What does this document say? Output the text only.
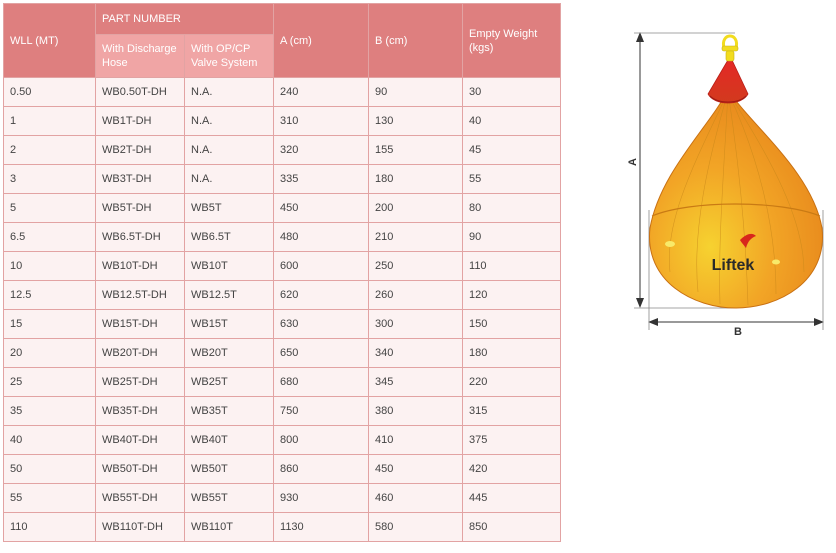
WLL (MT)	PART NUMBER		A (cm)	B (cm)	Empty Weight (kgs)
	With Discharge Hose	With OP/CP Valve System			
0.50	WB0.50T-DH	N.A.	240	90	30
1	WB1T-DH	N.A.	310	130	40
2	WB2T-DH	N.A.	320	155	45
3	WB3T-DH	N.A.	335	180	55
5	WB5T-DH	WB5T	450	200	80
6.5	WB6.5T-DH	WB6.5T	480	210	90
10	WB10T-DH	WB10T	600	250	110
12.5	WB12.5T-DH	WB12.5T	620	260	120
15	WB15T-DH	WB15T	630	300	150
20	WB20T-DH	WB20T	650	340	180
25	WB25T-DH	WB25T	680	345	220
35	WB35T-DH	WB35T	750	380	315
40	WB40T-DH	WB40T	800	410	375
50	WB50T-DH	WB50T	860	450	420
55	WB55T-DH	WB55T	930	460	445
110	WB110T-DH	WB110T	1130	580	850
A
B
Liftek
